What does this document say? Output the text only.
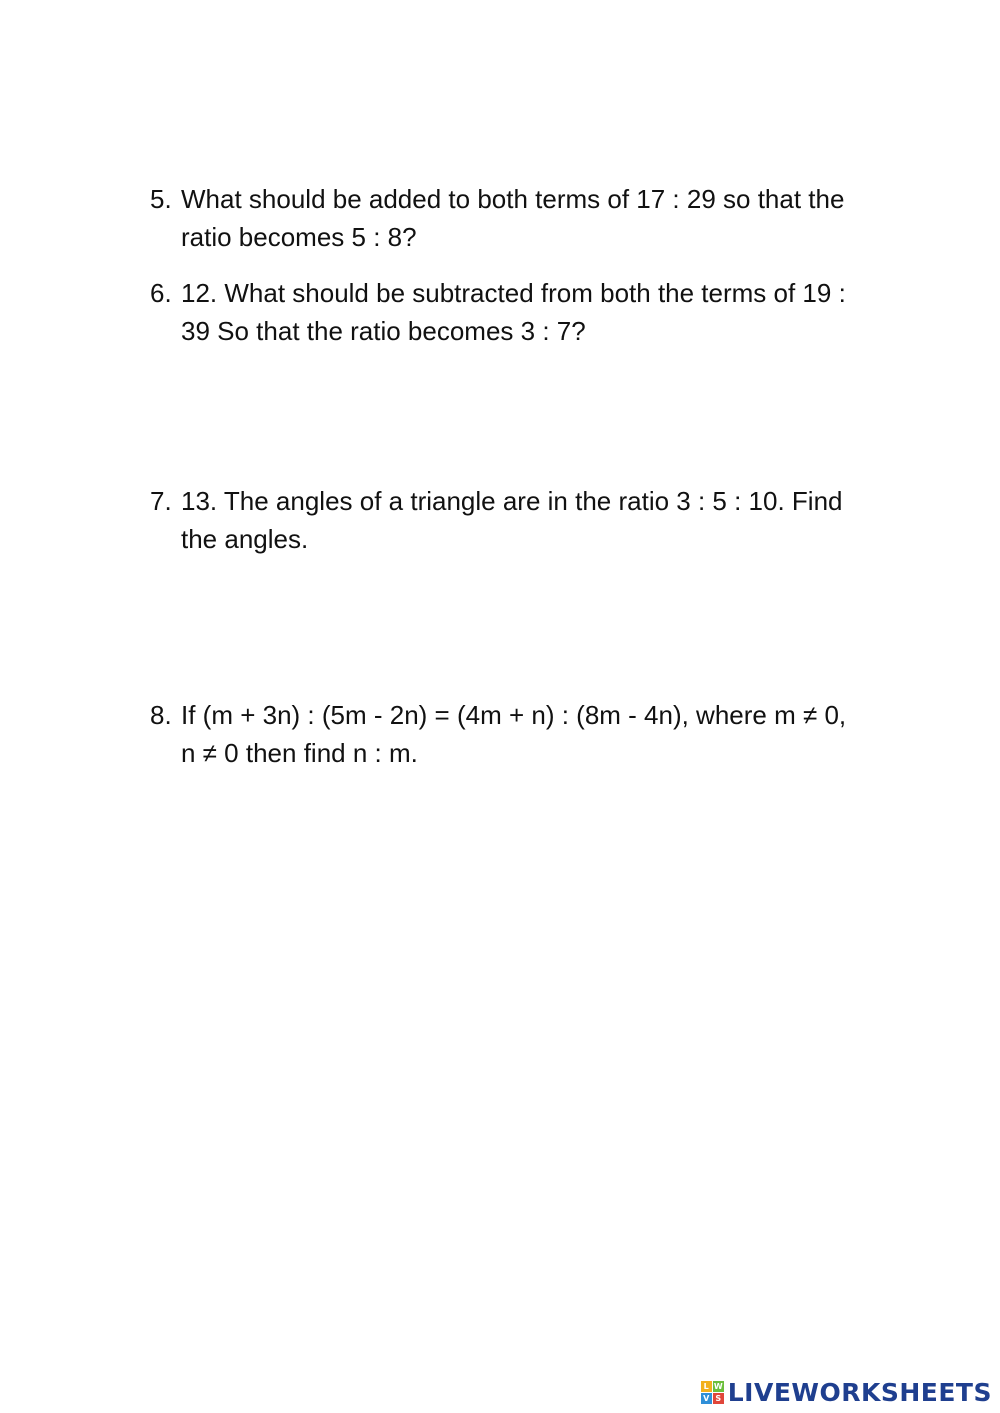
5. What should be added to both terms of 17 : 29 so that the ratio becomes 5 : 8?
6. 12. What should be subtracted from both the terms of 19 : 39 So that the ratio becomes 3 : 7?
7. 13. The angles of a triangle are in the ratio 3 : 5 : 10. Find the angles.
8. If (m + 3n) : (5m - 2n) = (4m + n) : (8m - 4n), where m ≠ 0, n ≠ 0 then find n : m.
L W
V S LIVEWORKSHEETS
